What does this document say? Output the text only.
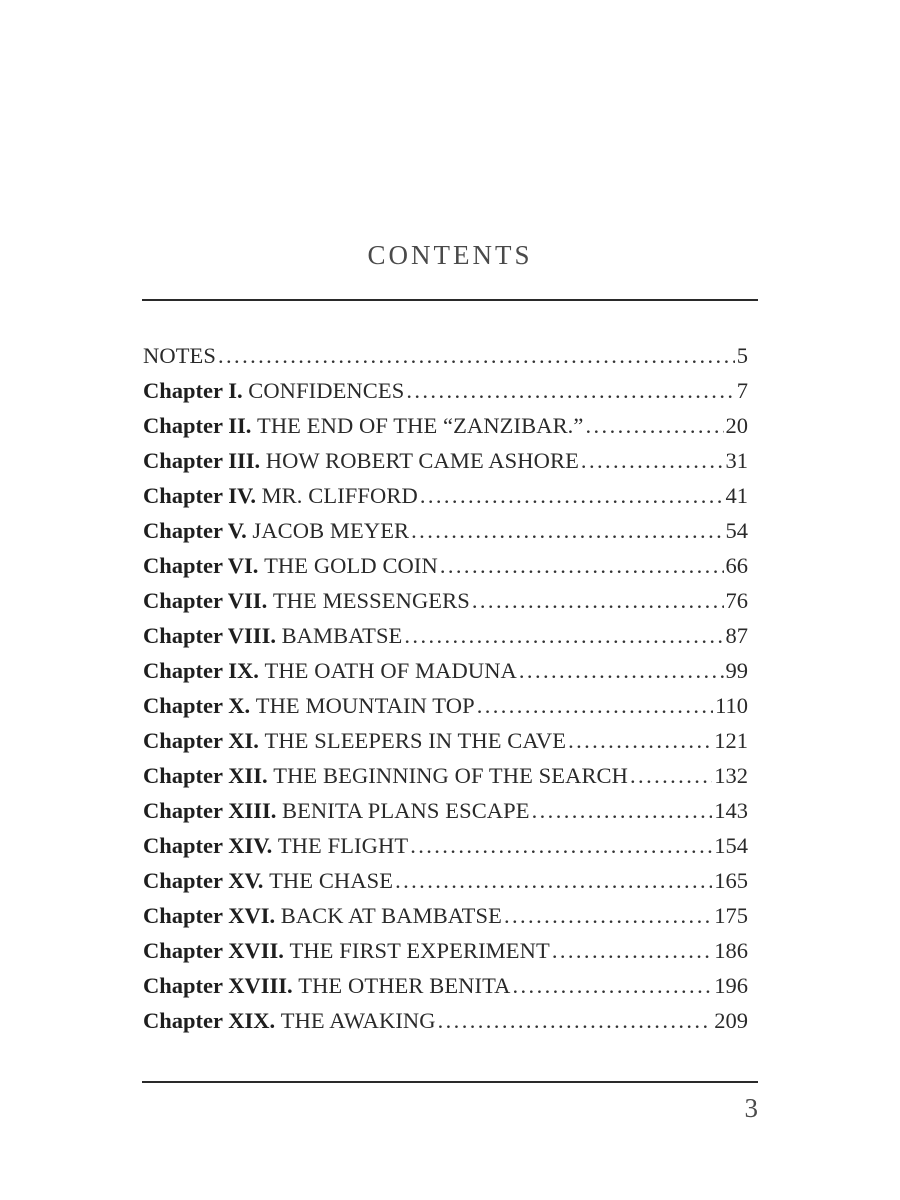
CONTENTS
NOTES .....	5
Chapter I. CONFIDENCES .....	7
Chapter II. THE END OF THE “ZANZIBAR.” .....	20
Chapter III. HOW ROBERT CAME ASHORE .....	31
Chapter IV. MR. CLIFFORD .....	41
Chapter V. JACOB MEYER .....	54
Chapter VI. THE GOLD COIN .....	66
Chapter VII. THE MESSENGERS .....	76
Chapter VIII. BAMBATSE .....	87
Chapter IX. THE OATH OF MADUNA .....	99
Chapter X. THE MOUNTAIN TOP .....	110
Chapter XI. THE SLEEPERS IN THE CAVE .....	121
Chapter XII. THE BEGINNING OF THE SEARCH .....	132
Chapter XIII. BENITA PLANS ESCAPE .....	143
Chapter XIV. THE FLIGHT .....	154
Chapter XV. THE CHASE .....	165
Chapter XVI. BACK AT BAMBATSE .....	175
Chapter XVII. THE FIRST EXPERIMENT .....	186
Chapter XVIII. THE OTHER BENITA .....	196
Chapter XIX. THE AWAKING .....	209
3
